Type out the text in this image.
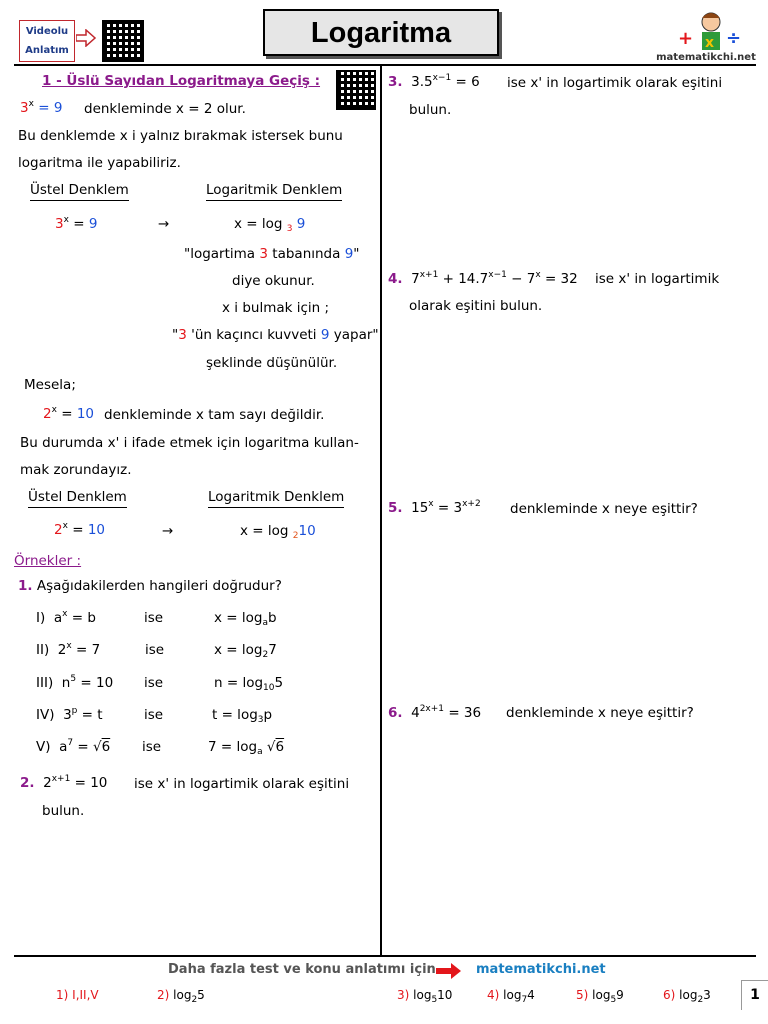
Videolu
Anlatım
Logaritma	+ ÷
x
matematikchi.net
1 - Üslü Sayıdan Logaritmaya Geçiş :
$3^x = 9$ denkleminde x = 2 olur.
Bu denklemde x i yalnız bırakmak istersek bunu
logaritma ile yapabiliriz.
Üstel Denklem	Logaritmik Denklem
$3^x = 9$	→	x = log $_3$ 9
"logartima 3 tabanında 9"
diye okunur.
x i bulmak için ;
"3 'ün kaçıncı kuvveti 9 yapar"
şeklinde düşünülür.
Mesela;
$2^x = 10$ denkleminde x tam sayı değildir.
Bu durumda x' i ifade etmek için logaritma kullan-
mak zorundayız.
Üstel Denklem	Logaritmik Denklem
$2^x = 10$	→	x = log $_2$10
Örnekler :
1. Aşağıdakilerden hangileri doğrudur?
I)  $a^x = b$	ise	$x = \log_ab$
II)  $2^x = 7$	ise	$x = \log_27$
III)  $n^5 = 10$ ise	$n = \log_{10}5$
IV)  $3^p = t$	ise	$t = \log_3p$
V)  $a^7 = √6$ ise	$7 = \log_a √6$
2.  $2^{x+1} = 10$ ise x' in logartimik olarak eşitini
bulun.
3.  $3.5^{x-1} = 6$ ise x' in logartimik olarak eşitini
bulun.
4.  $7^{x+1} + 14.7^{x-1} - 7^x = 32$ ise x' in logartimik
olarak eşitini bulun.
5.  $15^x = 3^{x+2}$ denkleminde x neye eşittir?
6.  $4^{2x+1} = 36$ denkleminde x neye eşittir?
Daha fazla test ve konu anlatımı için	matematikchi.net
1) I,II,V	2) $\log_25$	3) $\log_510$	4) $\log_74$	5) $\log_59$	6) $\log_23$	1
